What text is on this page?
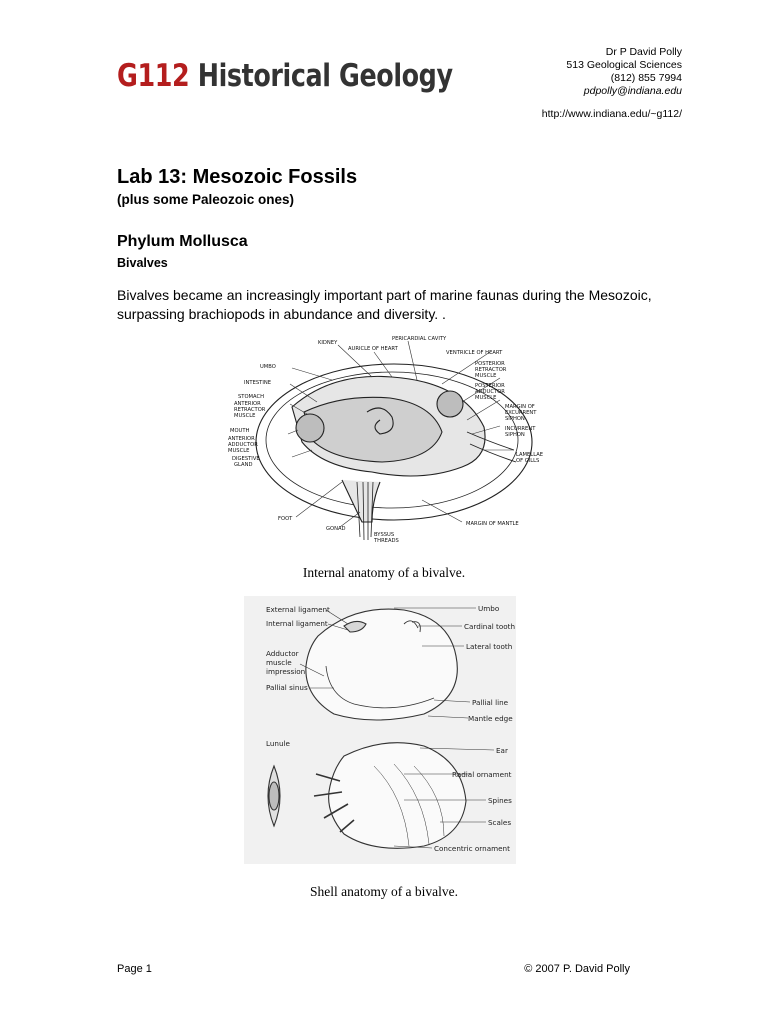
G112 Historical Geology
Dr P David Polly
513 Geological Sciences
(812) 855 7994
pdpolly@indiana.edu
http://www.indiana.edu/~g112/
Lab 13: Mesozoic Fossils
(plus some Paleozoic ones)
Phylum Mollusca
Bivalves
Bivalves became an increasingly important part of marine faunas during the Mesozoic, surpassing brachiopods in abundance and diversity. .
KIDNEY
PERICARDIAL CAVITY
AURICLE OF HEART
VENTRICLE OF HEART
UMBO	POSTERIOR
RETRACTOR
MUSCLE
INTESTINE	POSTERIOR
ADDUCTOR
MUSCLE
STOMACH
ANTERIOR
RETRACTOR
MUSCLE
MARGIN OF
EXCURRENT
SIPHON
INCURRENT
SIPHON
MOUTH
ANTERIOR
ADDUCTOR
MUSCLE
DIGESTIVE
GLAND
LAMELLAE
OF GILLS
FOOT
GONAD
BYSSUS
THREADS
MARGIN OF MANTLE
Internal anatomy of a bivalve.
External ligament
Internal ligament
Umbo
Cardinal tooth
Lateral tooth
Adductor
muscle
impression
Pallial sinus
Pallial line
Mantle edge
Lunule
Ear
Radial ornament
Spines
Scales
Concentric ornament
Shell anatomy of a bivalve.
Page 1	© 2007 P. David Polly
